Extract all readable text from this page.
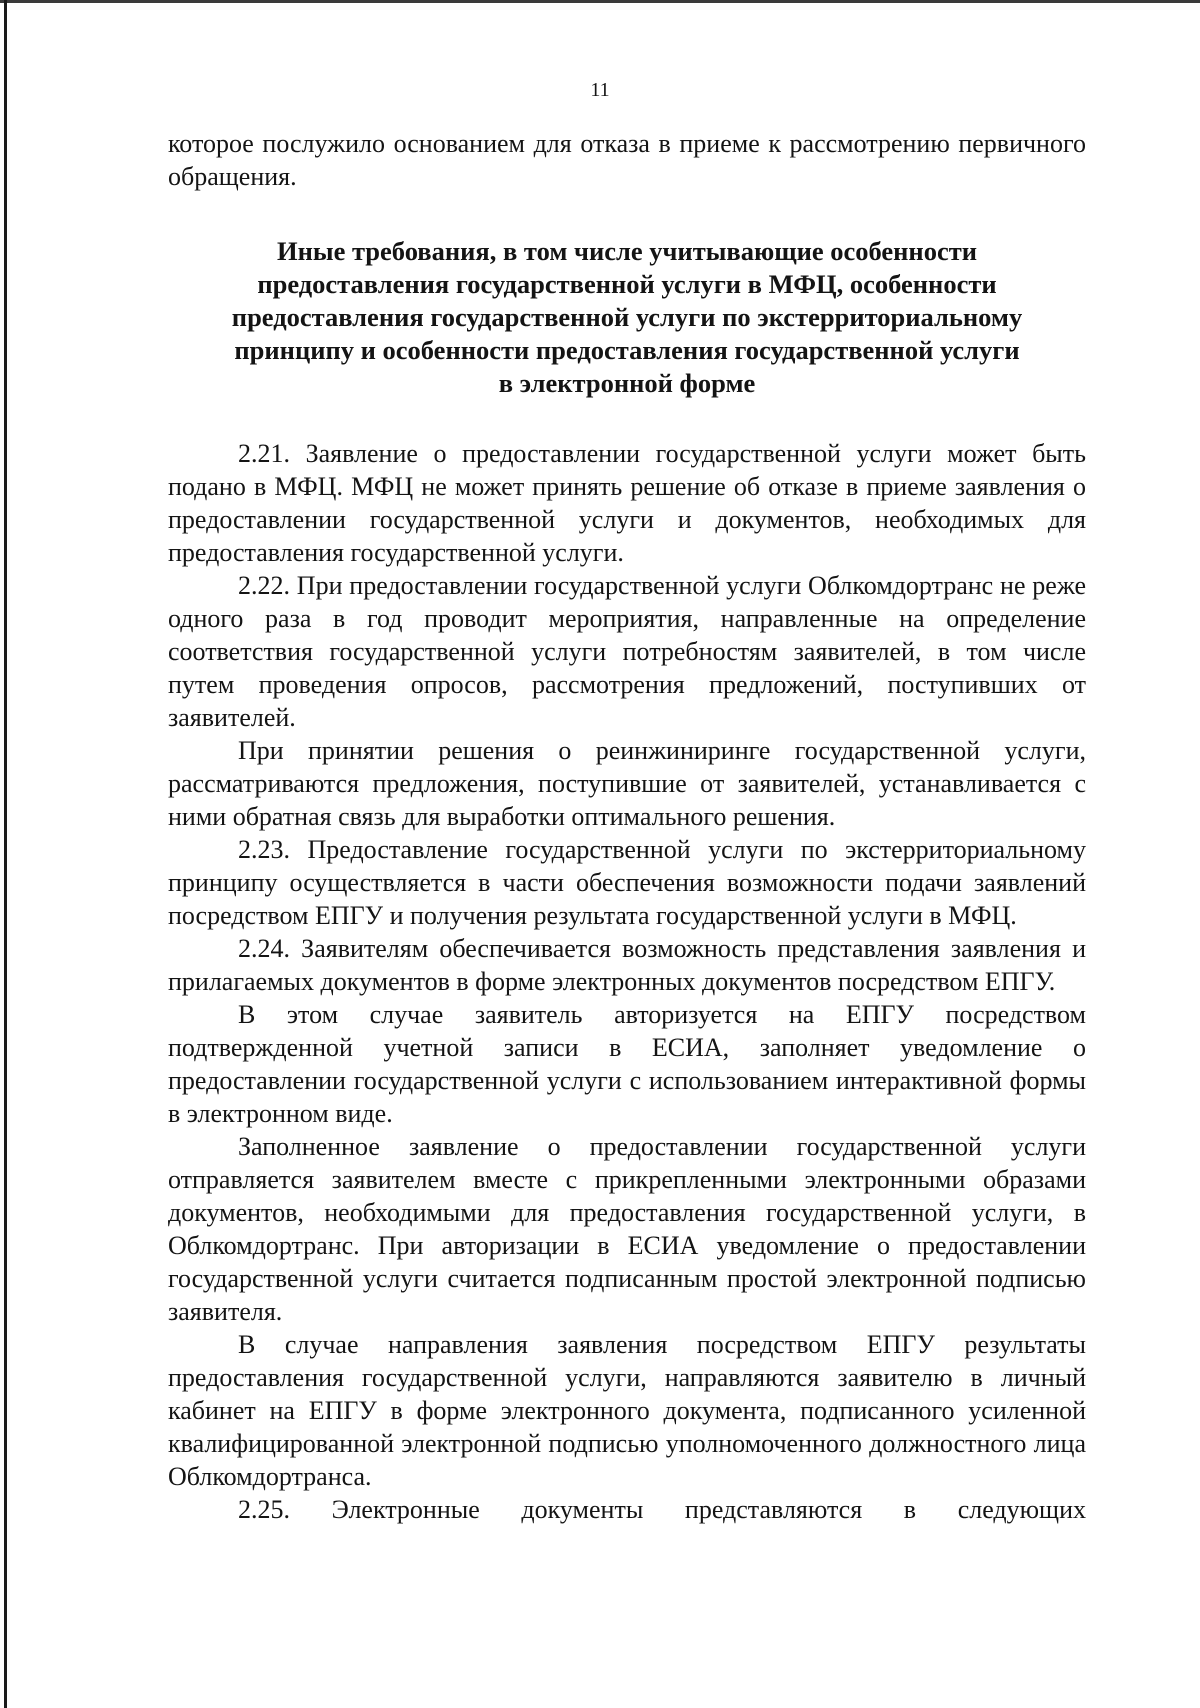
11

которое послужило основанием для отказа в приеме к рассмотрению первичного обращения.

Иные требования, в том числе учитывающие особенности
предоставления государственной услуги в МФЦ, особенности
предоставления государственной услуги по экстерриториальному
принципу и особенности предоставления государственной услуги
в электронной форме

2.21. Заявление о предоставлении государственной услуги может быть подано в МФЦ. МФЦ не может принять решение об отказе в приеме заявления о предоставлении государственной услуги и документов, необходимых для предоставления государственной услуги.

2.22. При предоставлении государственной услуги Облкомдортранс не реже одного раза в год проводит мероприятия, направленные на определение соответствия государственной услуги потребностям заявителей, в том числе путем проведения опросов, рассмотрения предложений, поступивших от заявителей.

При принятии решения о реинжиниринге государственной услуги, рассматриваются предложения, поступившие от заявителей, устанавливается с ними обратная связь для выработки оптимального решения.

2.23. Предоставление государственной услуги по экстерриториальному принципу осуществляется в части обеспечения возможности подачи заявлений посредством ЕПГУ и получения результата государственной услуги в МФЦ.

2.24. Заявителям обеспечивается возможность представления заявления и прилагаемых документов в форме электронных документов посредством ЕПГУ.

В этом случае заявитель авторизуется на ЕПГУ посредством подтвержденной учетной записи в ЕСИА, заполняет уведомление о предоставлении государственной услуги с использованием интерактивной формы в электронном виде.

Заполненное заявление о предоставлении государственной услуги отправляется заявителем вместе с прикрепленными электронными образами документов, необходимыми для предоставления государственной услуги, в Облкомдортранс. При авторизации в ЕСИА уведомление о предоставлении государственной услуги считается подписанным простой электронной подписью заявителя.

В случае направления заявления посредством ЕПГУ результаты предоставления государственной услуги, направляются заявителю в личный кабинет на ЕПГУ в форме электронного документа, подписанного усиленной квалифицированной электронной подписью уполномоченного должностного лица Облкомдортранса.

2.25. Электронные документы представляются в следующих
